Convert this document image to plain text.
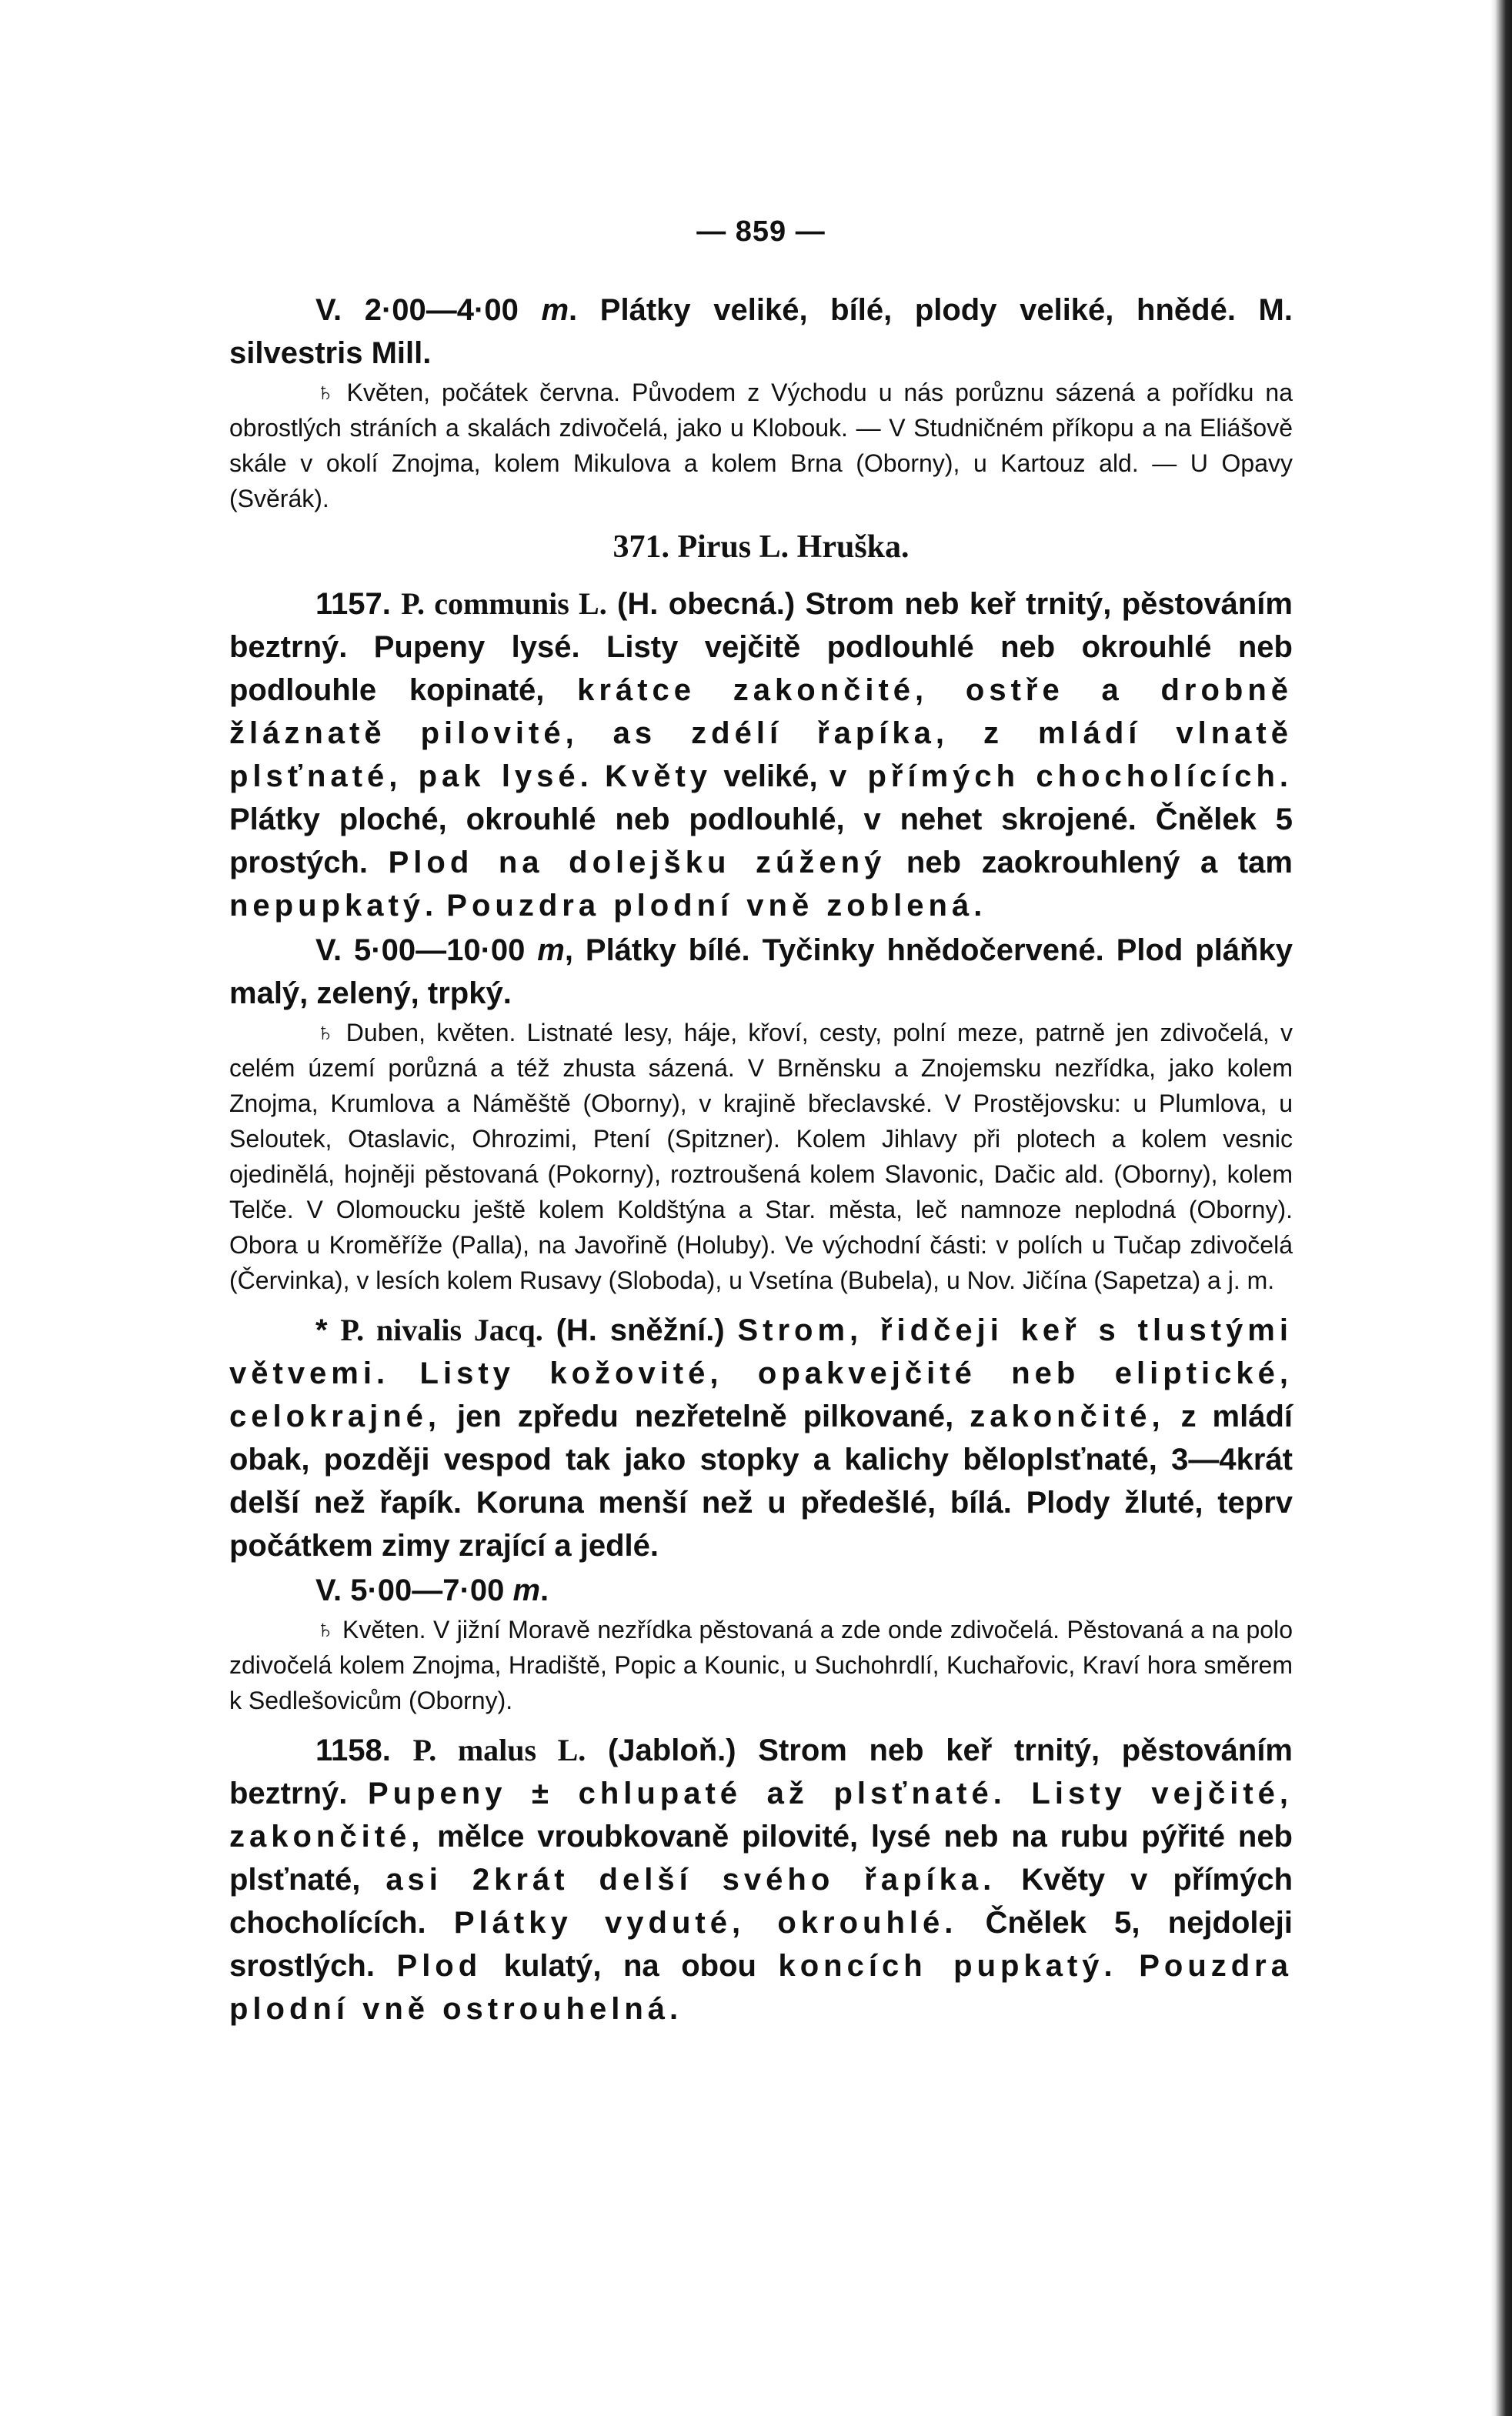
— 859 —

V. 2·00—4·00 m. Plátky veliké, bílé, plody veliké, hnědé. M. silvestris Mill.

♄ Květen, počátek června. Původem z Východu u nás porůznu sázená a pořídku na obrostlých stráních a skalách zdivočelá, jako u Klobouk. — V Studničném příkopu a na Eliášově skále v okolí Znojma, kolem Mikulova a kolem Brna (Oborny), u Kartouz ald. — U Opavy (Svěrák).

371. Pirus L. Hruška.

1157. P. communis L. (H. obecná.) Strom neb keř trnitý, pěstováním beztrný. Pupeny lysé. Listy vejčitě podlouhlé neb okrouhlé neb podlouhle kopinaté, krátce zakončité, ostře a drobně žláznatě pilovité, as zdélí řapíka, z mládí vlnatě plsťnaté, pak lysé. Květy veliké, v přímých chocholících. Plátky ploché, okrouhlé neb podlouhlé, v nehet skrojené. Čnělek 5 prostých. Plod na dolejšku zúžený neb zaokrouhlený a tam nepupkatý. Pouzdra plodní vně zoblená.

V. 5·00—10·00 m, Plátky bílé. Tyčinky hnědočervené. Plod pláňky malý, zelený, trpký.

♄ Duben, květen. Listnaté lesy, háje, křoví, cesty, polní meze, patrně jen zdivočelá, v celém území porůzná a též zhusta sázená. V Brněnsku a Znojemsku nezřídka, jako kolem Znojma, Krumlova a Náměště (Oborny), v krajině břeclavské. V Prostějovsku: u Plumlova, u Seloutek, Otaslavic, Ohrozimi, Ptení (Spitzner). Kolem Jihlavy při plotech a kolem vesnic ojedinělá, hojněji pěstovaná (Pokorny), roztroušená kolem Slavonic, Dačic ald. (Oborny), kolem Telče. V Olomoucku ještě kolem Koldštýna a Star. města, leč namnoze neplodná (Oborny). Obora u Kroměříže (Palla), na Javořině (Holuby). Ve východní části: v polích u Tučap zdivočelá (Červinka), v lesích kolem Rusavy (Sloboda), u Vsetína (Bubela), u Nov. Jičína (Sapetza) a j. m.

* P. nivalis Jacq. (H. sněžní.) Strom, řidčeji keř s tlustými větvemi. Listy kožovité, opakvejčité neb eliptické, celokrajné, jen zpředu nezřetelně pilkované, zakončité, z mládí obak, později vespod tak jako stopky a kalichy běloplsťnaté, 3—4krát delší než řapík. Koruna menší než u předešlé, bílá. Plody žluté, teprv počátkem zimy zrající a jedlé.

V. 5·00—7·00 m.

♄ Květen. V jižní Moravě nezřídka pěstovaná a zde onde zdivočelá. Pěstovaná a na polo zdivočelá kolem Znojma, Hradiště, Popic a Kounic, u Suchohrdlí, Kuchařovic, Kraví hora směrem k Sedlešovicům (Oborny).

1158. P. malus L. (Jabloň.) Strom neb keř trnitý, pěstováním beztrný. Pupeny ± chlupaté až plsťnaté. Listy vejčité, zakončité, mělce vroubkovaně pilovité, lysé neb na rubu pýřité neb plsťnaté, asi 2krát delší svého řapíka. Květy v přímých chocholících. Plátky vyduté, okrouhlé. Čnělek 5, nejdoleji srostlých. Plod kulatý, na obou koncích pupkatý. Pouzdra plodní vně ostrouhelná.
